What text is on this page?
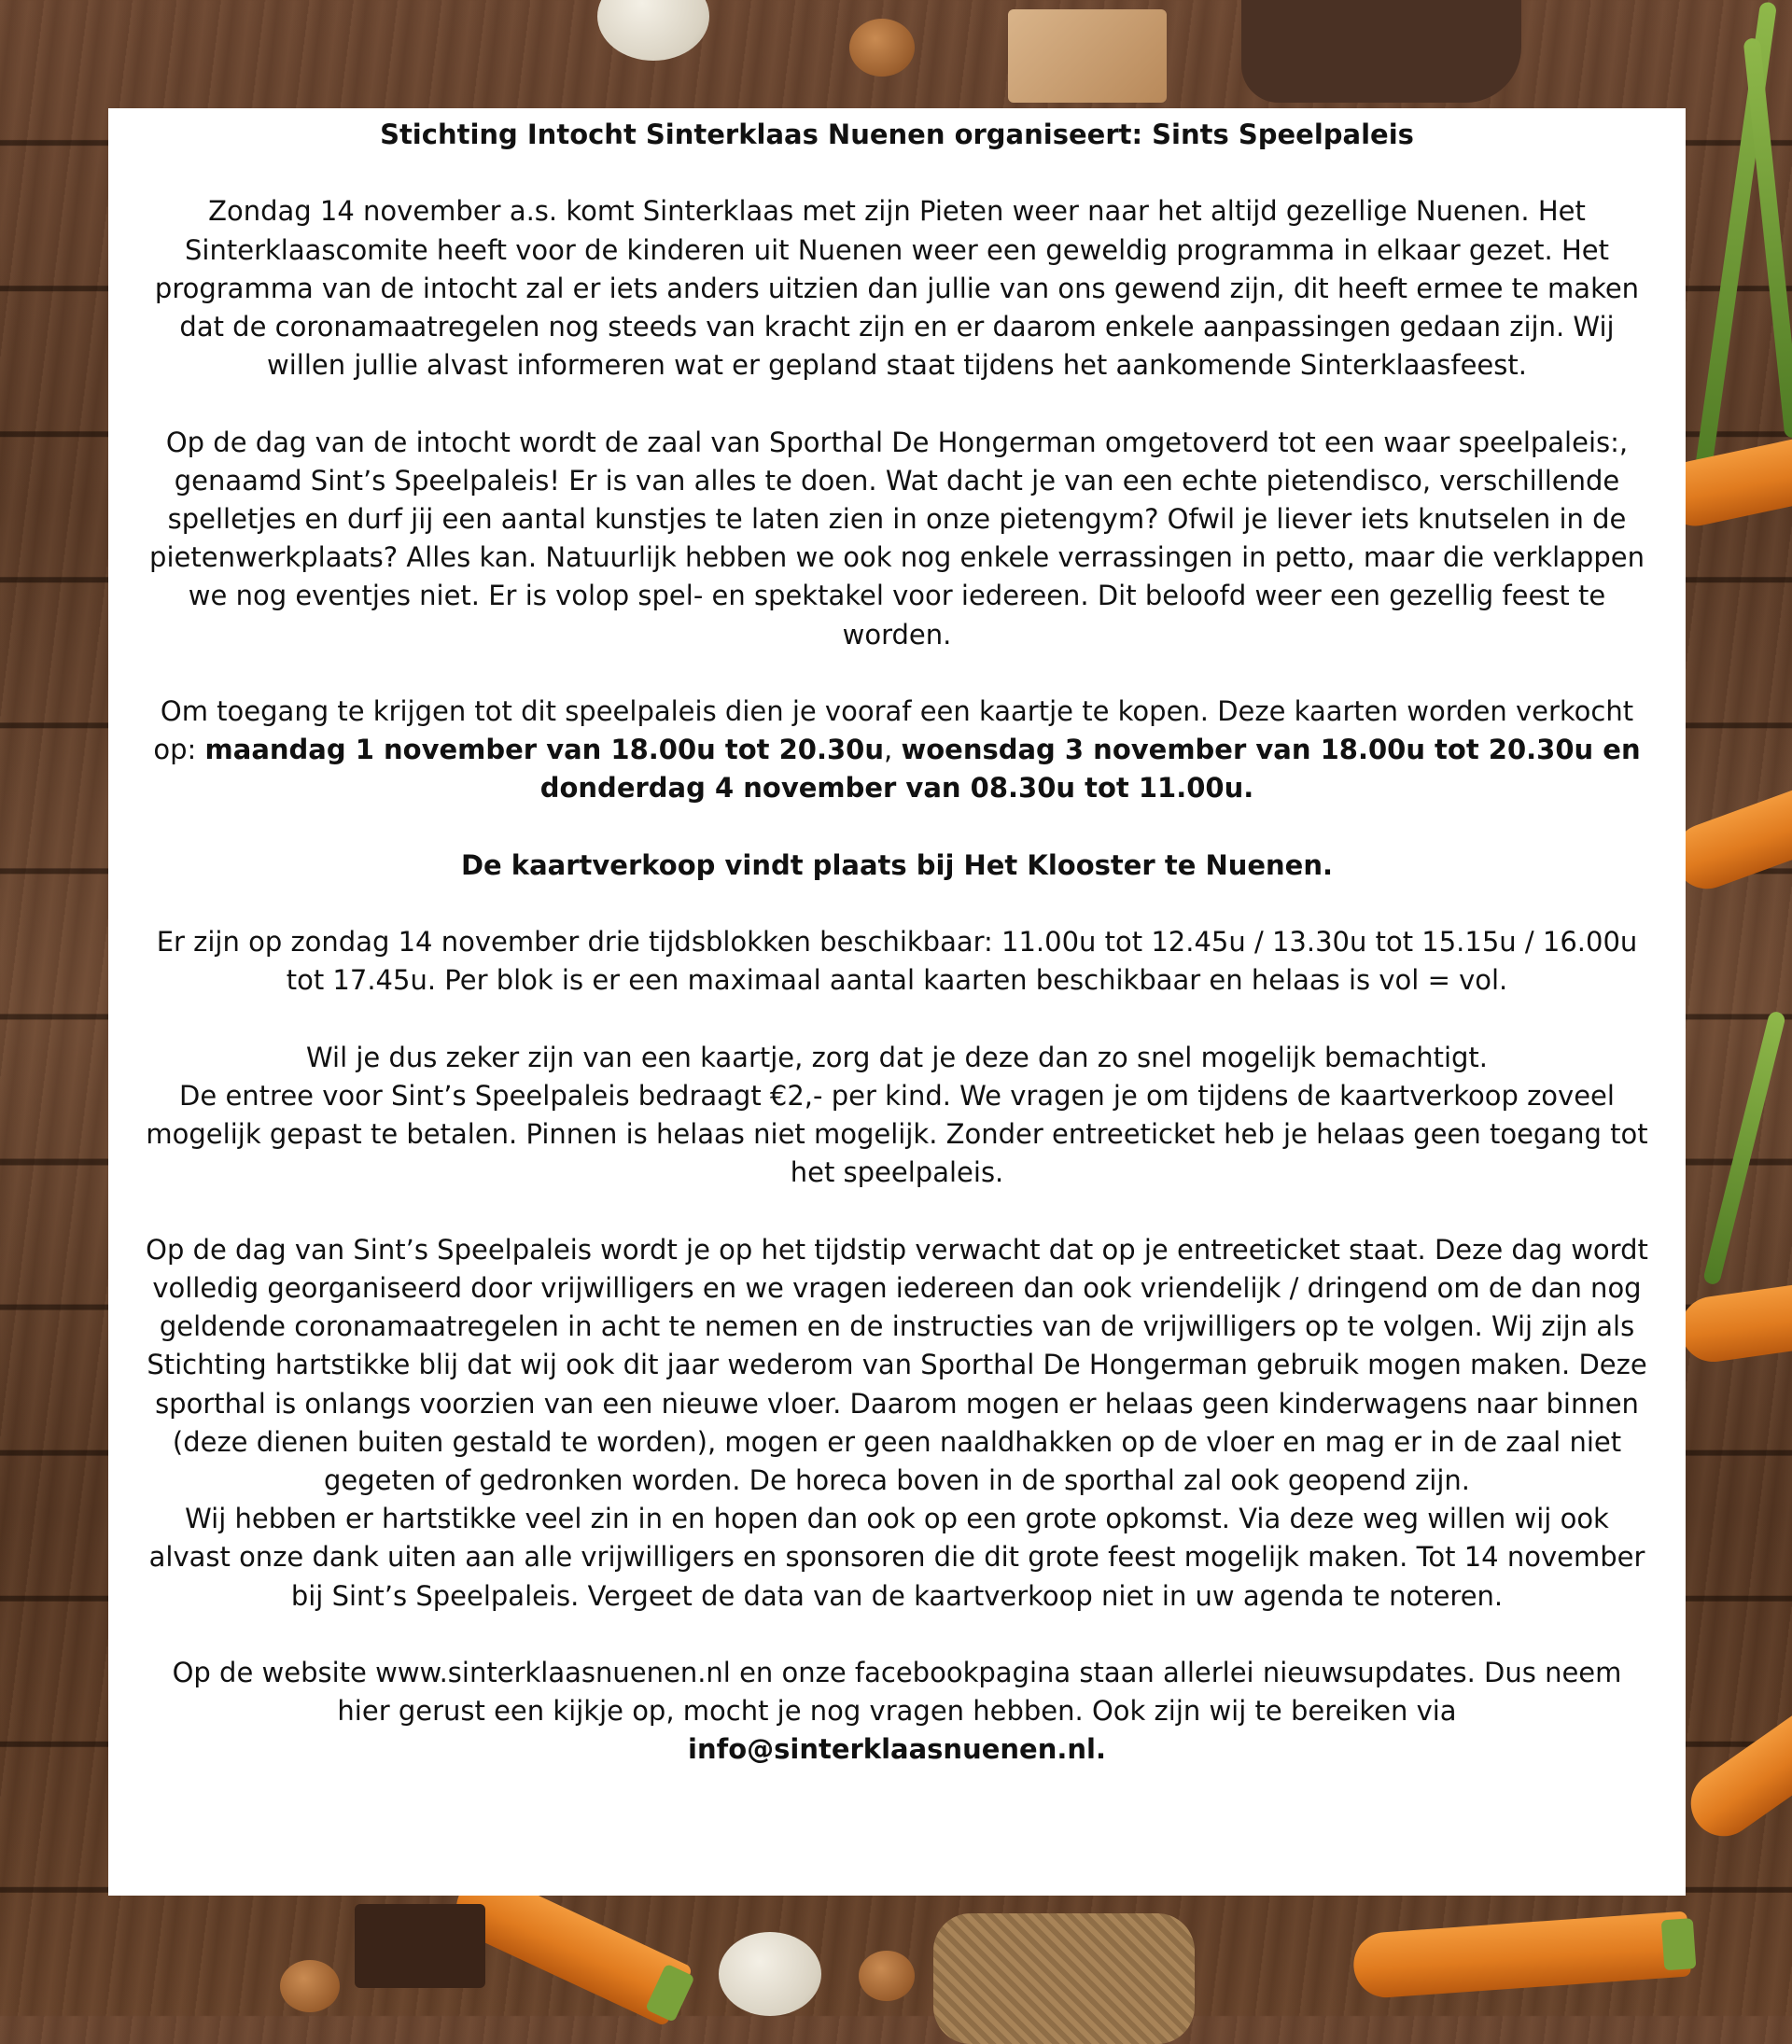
Stichting Intocht Sinterklaas Nuenen organiseert: Sints Speelpaleis

Zondag 14 november a.s. komt Sinterklaas met zijn Pieten weer naar het altijd gezellige Nuenen. Het Sinterklaascomite heeft voor de kinderen uit Nuenen weer een geweldig programma in elkaar gezet. Het programma van de intocht zal er iets anders uitzien dan jullie van ons gewend zijn, dit heeft ermee te maken dat de coronamaatregelen nog steeds van kracht zijn en er daarom enkele aanpassingen gedaan zijn. Wij willen jullie alvast informeren wat er gepland staat tijdens het aankomende Sinterklaasfeest.

Op de dag van de intocht wordt de zaal van Sporthal De Hongerman omgetoverd tot een waar speelpaleis:, genaamd Sint’s Speelpaleis! Er is van alles te doen. Wat dacht je van een echte pietendisco, verschillende spelletjes en durf jij een aantal kunstjes te laten zien in onze pietengym? Ofwil je liever iets knutselen in de pietenwerkplaats? Alles kan. Natuurlijk hebben we ook nog enkele verrassingen in petto, maar die verklappen we nog eventjes niet. Er is volop spel- en spektakel voor iedereen. Dit beloofd weer een gezellig feest te worden.

Om toegang te krijgen tot dit speelpaleis dien je vooraf een kaartje te kopen. Deze kaarten worden verkocht op: maandag 1 november van 18.00u tot 20.30u, woensdag 3 november van 18.00u tot 20.30u en donderdag 4 november van 08.30u tot 11.00u.

De kaartverkoop vindt plaats bij Het Klooster te Nuenen.

Er zijn op zondag 14 november drie tijdsblokken beschikbaar: 11.00u tot 12.45u / 13.30u tot 15.15u / 16.00u tot 17.45u. Per blok is er een maximaal aantal kaarten beschikbaar en helaas is vol = vol.

Wil je dus zeker zijn van een kaartje, zorg dat je deze dan zo snel mogelijk bemachtigt.

De entree voor Sint’s Speelpaleis bedraagt €2,- per kind. We vragen je om tijdens de kaartverkoop zoveel mogelijk gepast te betalen. Pinnen is helaas niet mogelijk. Zonder entreeticket heb je helaas geen toegang tot het speelpaleis.

Op de dag van Sint’s Speelpaleis wordt je op het tijdstip verwacht dat op je entreeticket staat. Deze dag wordt volledig georganiseerd door vrijwilligers en we vragen iedereen dan ook vriendelijk / dringend om de dan nog geldende coronamaatregelen in acht te nemen en de instructies van de vrijwilligers op te volgen. Wij zijn als Stichting hartstikke blij dat wij ook dit jaar wederom van Sporthal De Hongerman gebruik mogen maken. Deze sporthal is onlangs voorzien van een nieuwe vloer. Daarom mogen er helaas geen kinderwagens naar binnen (deze dienen buiten gestald te worden), mogen er geen naaldhakken op de vloer en mag er in de zaal niet gegeten of gedronken worden. De horeca boven in de sporthal zal ook geopend zijn.

Wij hebben er hartstikke veel zin in en hopen dan ook op een grote opkomst. Via deze weg willen wij ook alvast onze dank uiten aan alle vrijwilligers en sponsoren die dit grote feest mogelijk maken. Tot 14 november bij Sint’s Speelpaleis. Vergeet de data van de kaartverkoop niet in uw agenda te noteren.

Op de website www.sinterklaasnuenen.nl en onze facebookpagina staan allerlei nieuwsupdates. Dus neem hier gerust een kijkje op, mocht je nog vragen hebben. Ook zijn wij te bereiken via info@sinterklaasnuenen.nl.
